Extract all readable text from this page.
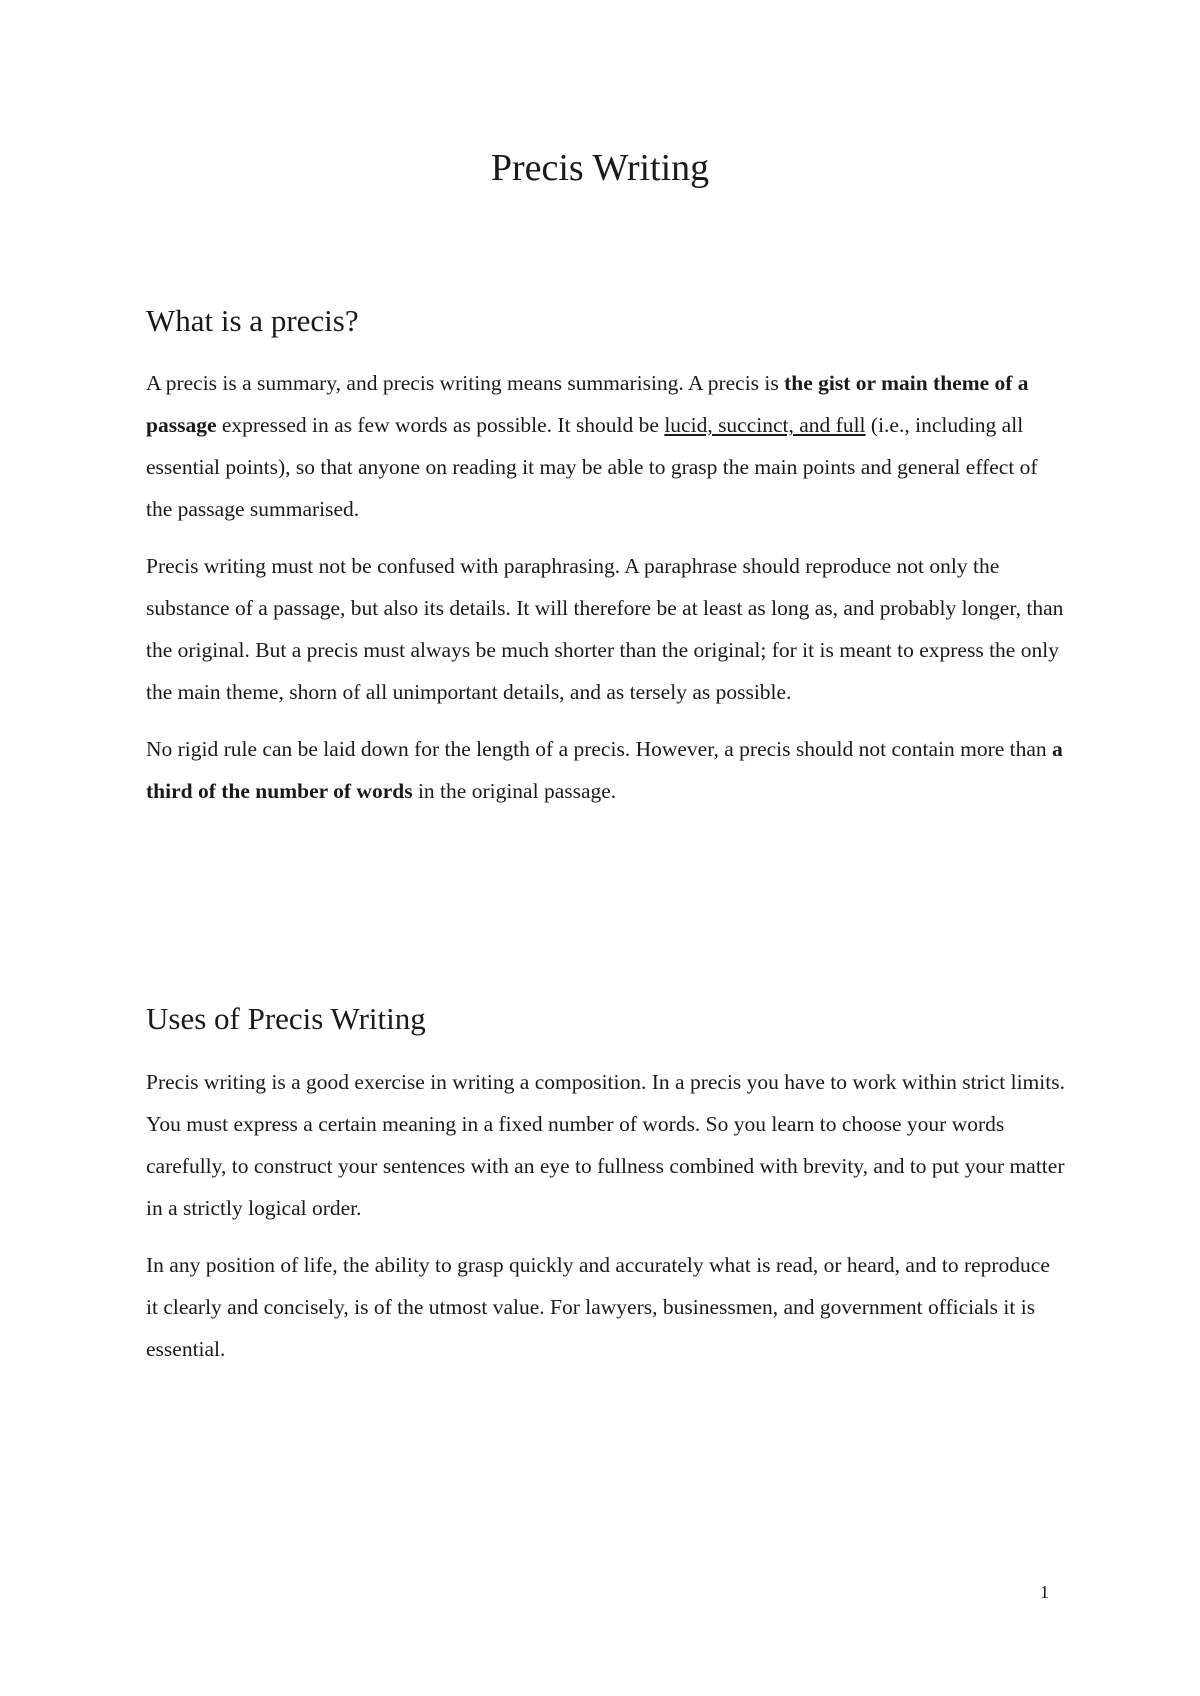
Precis Writing
What is a precis?

A precis is a summary, and precis writing means summarising. A precis is the gist or main theme of a passage expressed in as few words as possible. It should be lucid, succinct, and full (i.e., including all essential points), so that anyone on reading it may be able to grasp the main points and general effect of the passage summarised.

Precis writing must not be confused with paraphrasing. A paraphrase should reproduce not only the substance of a passage, but also its details. It will therefore be at least as long as, and probably longer, than the original. But a precis must always be much shorter than the original; for it is meant to express the only the main theme, shorn of all unimportant details, and as tersely as possible.

No rigid rule can be laid down for the length of a precis. However, a precis should not contain more than a third of the number of words in the original passage.

Uses of Precis Writing

Precis writing is a good exercise in writing a composition. In a precis you have to work within strict limits. You must express a certain meaning in a fixed number of words. So you learn to choose your words carefully, to construct your sentences with an eye to fullness combined with brevity, and to put your matter in a strictly logical order.

In any position of life, the ability to grasp quickly and accurately what is read, or heard, and to reproduce it clearly and concisely, is of the utmost value. For lawyers, businessmen, and government officials it is essential.

1
